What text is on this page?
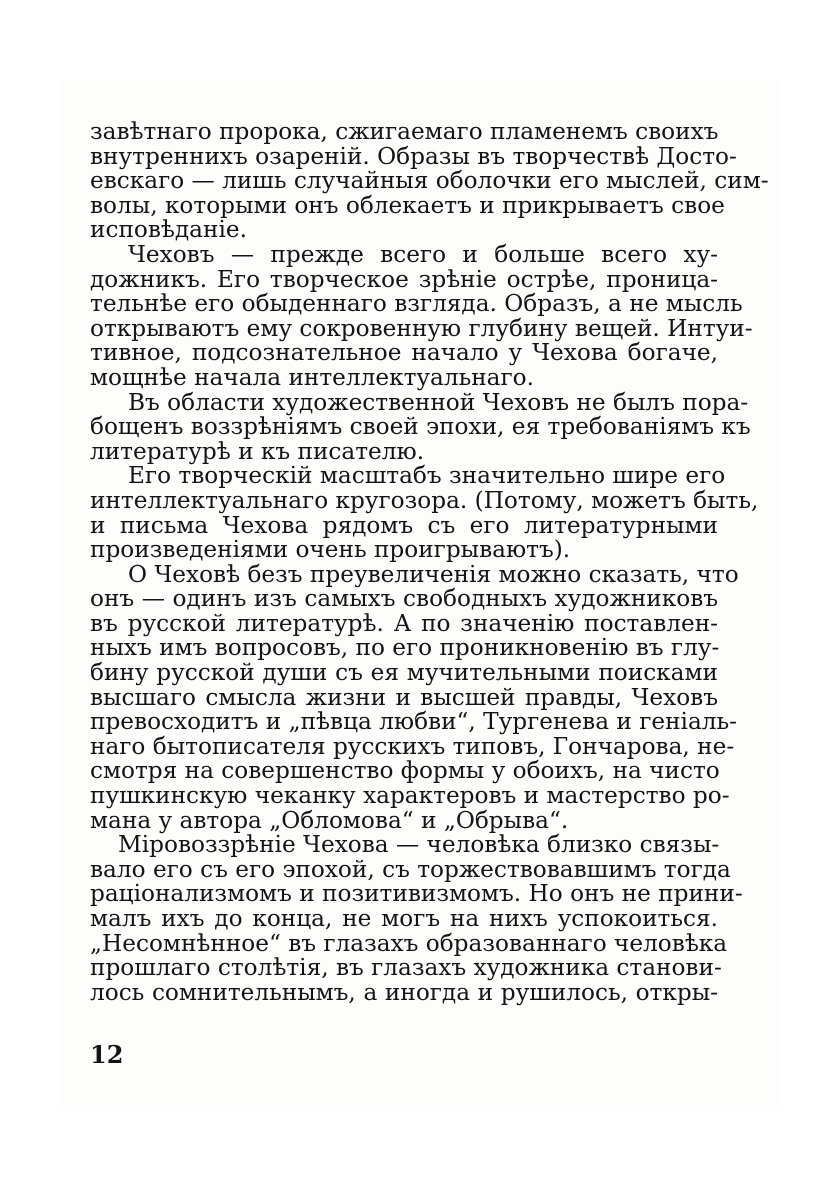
завѣтнаго пророка, сжигаемаго пламенемъ своихъ
внутреннихъ озареній. Образы въ творчествѣ Досто-
евскаго — лишь случайныя оболочки его мыслей, сим-
волы, которыми онъ облекаетъ и прикрываетъ свое
исповѣданіе.
Чеховъ — прежде всего и больше всего ху-
дожникъ. Его творческое зрѣніе острѣе, проница-
тельнѣе его обыденнаго взгляда. Образъ, а не мысль
открываютъ ему сокровенную глубину вещей. Интуи-
тивное, подсознательное начало у Чехова богаче,
мощнѣе начала интеллектуальнаго.
Въ области художественной Чеховъ не былъ пора-
бощенъ воззрѣніямъ своей эпохи, ея требованіямъ къ
литературѣ и къ писателю.
Его творческій масштабъ значительно шире его
интеллектуальнаго кругозора. (Потому, можетъ быть,
и письма Чехова рядомъ съ его литературными
произведеніями очень проигрываютъ).
О Чеховѣ безъ преувеличенія можно сказать, что
онъ — одинъ изъ самыхъ свободныхъ художниковъ
въ русской литературѣ. А по значенію поставлен-
ныхъ имъ вопросовъ, по его проникновенію въ глу-
бину русской души съ ея мучительными поисками
высшаго смысла жизни и высшей правды, Чеховъ
превосходитъ и „пѣвца любви“, Тургенева и геніаль-
наго бытописателя русскихъ типовъ, Гончарова, не-
смотря на совершенство формы у обоихъ, на чисто
пушкинскую чеканку характеровъ и мастерство ро-
мана у автора „Обломова“ и „Обрыва“.
Міровоззрѣніе Чехова — человѣка близко связы-
вало его съ его эпохой, съ торжествовавшимъ тогда
раціонализмомъ и позитивизмомъ. Но онъ не прини-
малъ ихъ до конца, не могъ на нихъ успокоиться.
„Несомнѣнное“ въ глазахъ образованнаго человѣка
прошлаго столѣтія, въ глазахъ художника станови-
лось сомнительнымъ, а иногда и рушилось, откры-
12
